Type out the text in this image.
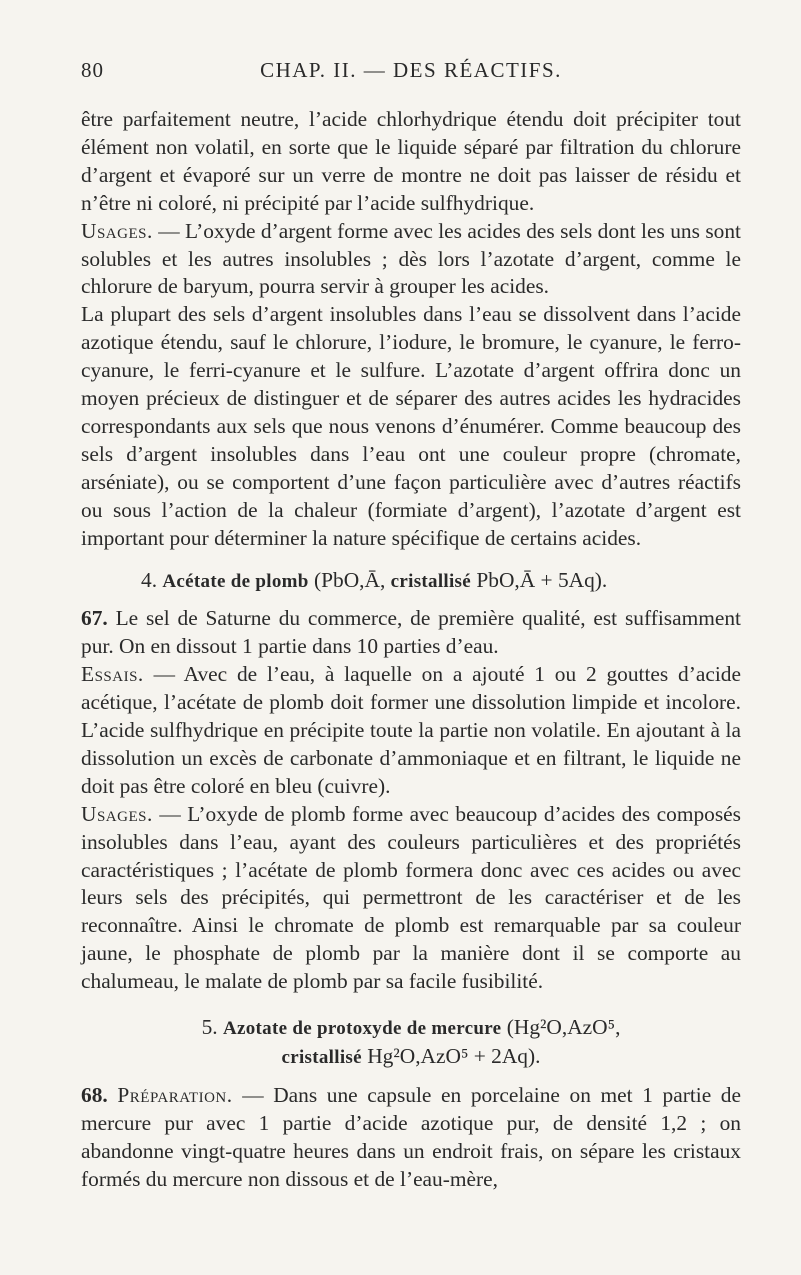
80	CHAP. II. — DES RÉACTIFS.

être parfaitement neutre, l’acide chlorhydrique étendu doit précipiter tout élément non volatil, en sorte que le liquide séparé par filtration du chlorure d’argent et évaporé sur un verre de montre ne doit pas laisser de résidu et n’être ni coloré, ni précipité par l’acide sulfhydrique.

Usages. — L’oxyde d’argent forme avec les acides des sels dont les uns sont solubles et les autres insolubles ; dès lors l’azotate d’argent, comme le chlorure de baryum, pourra servir à grouper les acides.

La plupart des sels d’argent insolubles dans l’eau se dissolvent dans l’acide azotique étendu, sauf le chlorure, l’iodure, le bromure, le cyanure, le ferro-cyanure, le ferri-cyanure et le sulfure. L’azotate d’argent offrira donc un moyen précieux de distinguer et de séparer des autres acides les hydracides correspondants aux sels que nous venons d’énumérer. Comme beaucoup des sels d’argent insolubles dans l’eau ont une couleur propre (chromate, arséniate), ou se comportent d’une façon particulière avec d’autres réactifs ou sous l’action de la chaleur (formiate d’argent), l’azotate d’argent est important pour déterminer la nature spécifique de certains acides.

4. Acétate de plomb (PbO,Ā, cristallisé PbO,Ā + 5Aq).

67. Le sel de Saturne du commerce, de première qualité, est suffisamment pur. On en dissout 1 partie dans 10 parties d’eau.

Essais. — Avec de l’eau, à laquelle on a ajouté 1 ou 2 gouttes d’acide acétique, l’acétate de plomb doit former une dissolution limpide et incolore. L’acide sulfhydrique en précipite toute la partie non volatile. En ajoutant à la dissolution un excès de carbonate d’ammoniaque et en filtrant, le liquide ne doit pas être coloré en bleu (cuivre).

Usages. — L’oxyde de plomb forme avec beaucoup d’acides des composés insolubles dans l’eau, ayant des couleurs particulières et des propriétés caractéristiques ; l’acétate de plomb formera donc avec ces acides ou avec leurs sels des précipités, qui permettront de les caractériser et de les reconnaître. Ainsi le chromate de plomb est remarquable par sa couleur jaune, le phosphate de plomb par la manière dont il se comporte au chalumeau, le malate de plomb par sa facile fusibilité.

5. Azotate de protoxyde de mercure (Hg²O,AzO⁵,
cristallisé Hg²O,AzO⁵ + 2Aq).

68. Préparation. — Dans une capsule en porcelaine on met 1 partie de mercure pur avec 1 partie d’acide azotique pur, de densité 1,2 ; on abandonne vingt-quatre heures dans un endroit frais, on sépare les cristaux formés du mercure non dissous et de l’eau-mère,
